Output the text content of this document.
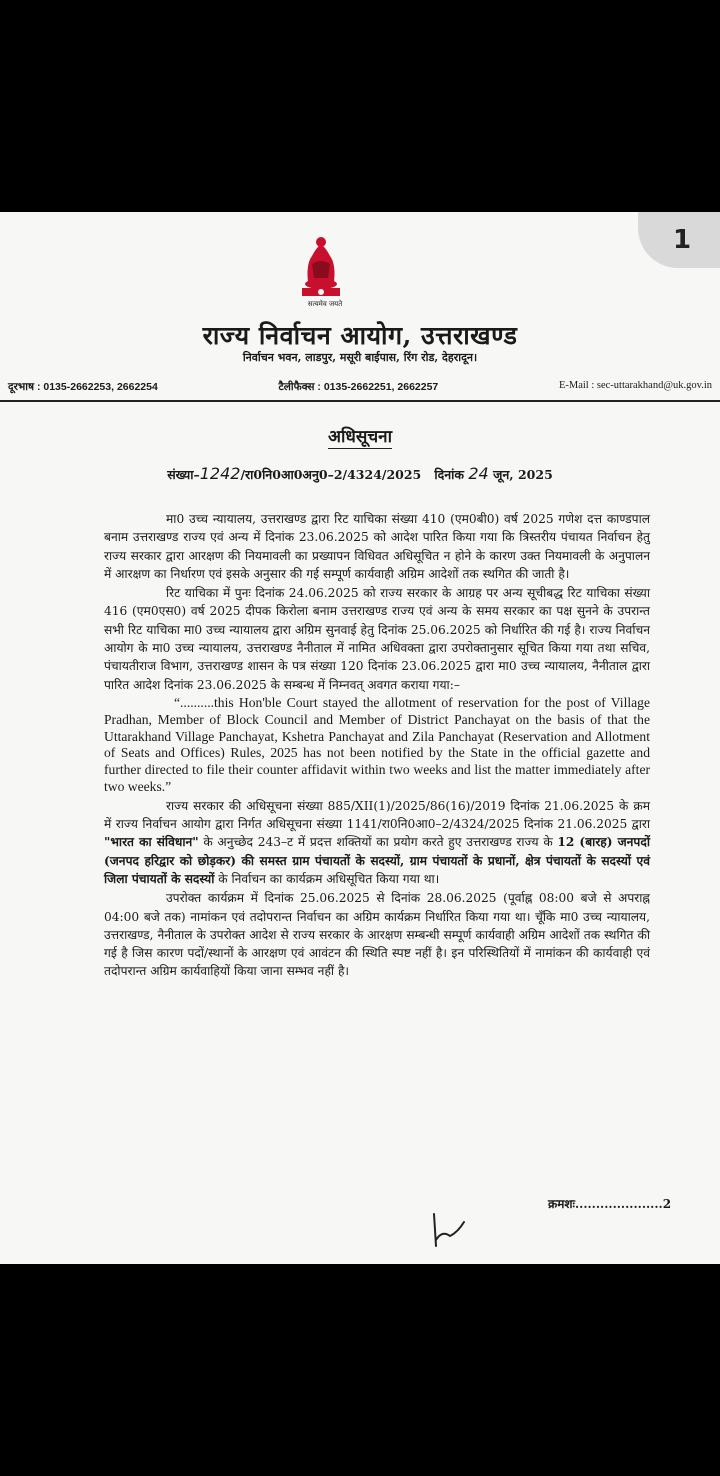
1
सत्यमेव जयते
राज्य निर्वाचन आयोग, उत्तराखण्ड
निर्वाचन भवन, लाडपुर, मसूरी बाईपास, रिंग रोड, देहरादून।
दूरभाष : 0135-2662253, 2662254	टैलीफैक्स : 0135-2662251, 2662257	E-Mail : sec-uttarakhand@uk.gov.in
अधिसूचना
संख्या–1242/रा0नि0आ0अनु0–2/4324/2025 दिनांक 24 जून, 2025

मा0 उच्च न्यायालय, उत्तराखण्ड द्वारा रिट याचिका संख्या 410 (एम0बी0) वर्ष 2025 गणेश दत्त काण्डपाल बनाम उत्तराखण्ड राज्य एवं अन्य में दिनांक 23.06.2025 को आदेश पारित किया गया कि त्रिस्तरीय पंचायत निर्वाचन हेतु राज्य सरकार द्वारा आरक्षण की नियमावली का प्रख्यापन विधिवत अधिसूचित न होने के कारण उक्त नियमावली के अनुपालन में आरक्षण का निर्धारण एवं इसके अनुसार की गई सम्पूर्ण कार्यवाही अग्रिम आदेशों तक स्थगित की जाती है।

रिट याचिका में पुनः दिनांक 24.06.2025 को राज्य सरकार के आग्रह पर अन्य सूचीबद्ध रिट याचिका संख्या 416 (एम0एस0) वर्ष 2025 दीपक किरोला बनाम उत्तराखण्ड राज्य एवं अन्य के समय सरकार का पक्ष सुनने के उपरान्त सभी रिट याचिका मा0 उच्च न्यायालय द्वारा अग्रिम सुनवाई हेतु दिनांक 25.06.2025 को निर्धारित की गई है। राज्य निर्वाचन आयोग के मा0 उच्च न्यायालय, उत्तराखण्ड नैनीताल में नामित अधिवक्ता द्वारा उपरोक्तानुसार सूचित किया गया तथा सचिव, पंचायतीराज विभाग, उत्तराखण्ड शासन के पत्र संख्या 120 दिनांक 23.06.2025 द्वारा मा0 उच्च न्यायालय, नैनीताल द्वारा पारित आदेश दिनांक 23.06.2025 के सम्बन्ध में निम्नवत् अवगत कराया गया:–

“..........this Hon'ble Court stayed the allotment of reservation for the post of Village Pradhan, Member of Block Council and Member of District Panchayat on the basis of that the Uttarakhand Village Panchayat, Kshetra Panchayat and Zila Panchayat (Reservation and Allotment of Seats and Offices) Rules, 2025 has not been notified by the State in the official gazette and further directed to file their counter affidavit within two weeks and list the matter immediately after two weeks.”

राज्य सरकार की अधिसूचना संख्या 885/XII(1)/2025/86(16)/2019 दिनांक 21.06.2025 के क्रम में राज्य निर्वाचन आयोग द्वारा निर्गत अधिसूचना संख्या 1141/रा0नि0आ0–2/4324/2025 दिनांक 21.06.2025 द्वारा "भारत का संविधान" के अनुच्छेद 243–ट में प्रदत्त शक्तियों का प्रयोग करते हुए उत्तराखण्ड राज्य के 12 (बारह) जनपदों (जनपद हरिद्वार को छोड़कर) की समस्त ग्राम पंचायतों के सदस्यों, ग्राम पंचायतों के प्रधानों, क्षेत्र पंचायतों के सदस्यों एवं जिला पंचायतों के सदस्यों के निर्वाचन का कार्यक्रम अधिसूचित किया गया था।

उपरोक्त कार्यक्रम में दिनांक 25.06.2025 से दिनांक 28.06.2025 (पूर्वाह्न 08:00 बजे से अपराह्न 04:00 बजे तक) नामांकन एवं तदोपरान्त निर्वाचन का अग्रिम कार्यक्रम निर्धारित किया गया था। चूँकि मा0 उच्च न्यायालय, उत्तराखण्ड, नैनीताल के उपरोक्त आदेश से राज्य सरकार के आरक्षण सम्बन्धी सम्पूर्ण कार्यवाही अग्रिम आदेशों तक स्थगित की गई है जिस कारण पदों/स्थानों के आरक्षण एवं आवंटन की स्थिति स्पष्ट नहीं है। इन परिस्थितियों में नामांकन की कार्यवाही एवं तदोपरान्त अग्रिम कार्यवाहियों किया जाना सम्भव नहीं है।

क्रमशः.....................2
